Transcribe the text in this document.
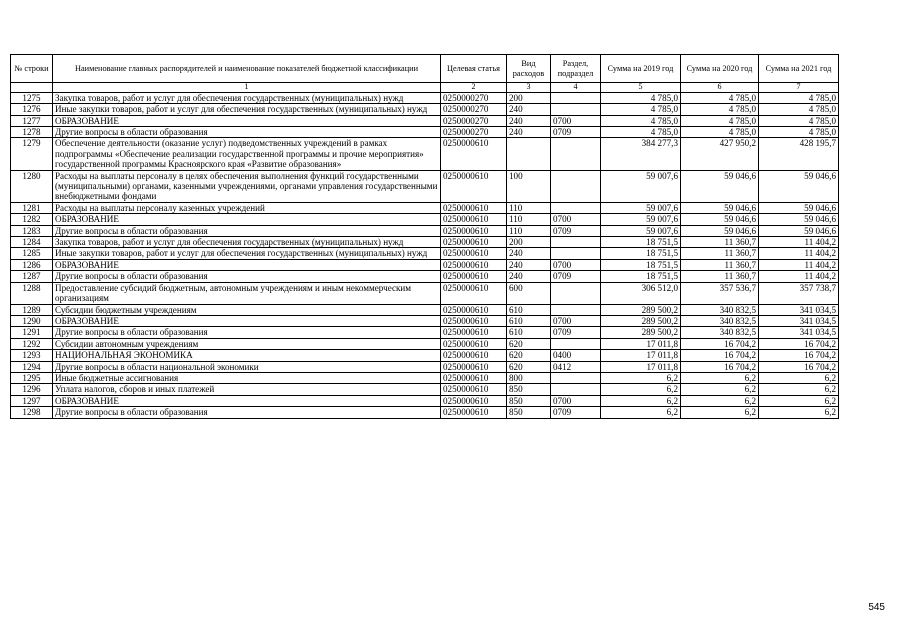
№ строки	Наименование главных распорядителей и наименование показателей бюджетной классификации	Целевая статья	Вид расходов	Раздел, подраздел	Сумма на 2019 год	Сумма на 2020 год	Сумма на 2021 год
	1	2	3	4	5	6	7
1275	Закупка товаров, работ и услуг для обеспечения государственных (муниципальных) нужд	0250000270	200		4 785,0	4 785,0	4 785,0
1276	Иные закупки товаров, работ и услуг для обеспечения государственных (муниципальных) нужд	0250000270	240		4 785,0	4 785,0	4 785,0
1277	ОБРАЗОВАНИЕ	0250000270	240	0700	4 785,0	4 785,0	4 785,0
1278	Другие вопросы в области образования	0250000270	240	0709	4 785,0	4 785,0	4 785,0
1279	Обеспечение деятельности (оказание услуг) подведомственных учреждений в рамках подпрограммы «Обеспечение реализации государственной программы и прочие мероприятия» государственной программы Красноярского края «Развитие образования»	0250000610			384 277,3	427 950,2	428 195,7
1280	Расходы на выплаты персоналу в целях обеспечения выполнения функций государственными (муниципальными) органами, казенными учреждениями, органами управления государственными внебюджетными фондами	0250000610	100		59 007,6	59 046,6	59 046,6
1281	Расходы на выплаты персоналу казенных учреждений	0250000610	110		59 007,6	59 046,6	59 046,6
1282	ОБРАЗОВАНИЕ	0250000610	110	0700	59 007,6	59 046,6	59 046,6
1283	Другие вопросы в области образования	0250000610	110	0709	59 007,6	59 046,6	59 046,6
1284	Закупка товаров, работ и услуг для обеспечения государственных (муниципальных) нужд	0250000610	200		18 751,5	11 360,7	11 404,2
1285	Иные закупки товаров, работ и услуг для обеспечения государственных (муниципальных) нужд	0250000610	240		18 751,5	11 360,7	11 404,2
1286	ОБРАЗОВАНИЕ	0250000610	240	0700	18 751,5	11 360,7	11 404,2
1287	Другие вопросы в области образования	0250000610	240	0709	18 751,5	11 360,7	11 404,2
1288	Предоставление субсидий бюджетным, автономным учреждениям и иным некоммерческим организациям	0250000610	600		306 512,0	357 536,7	357 738,7
1289	Субсидии бюджетным учреждениям	0250000610	610		289 500,2	340 832,5	341 034,5
1290	ОБРАЗОВАНИЕ	0250000610	610	0700	289 500,2	340 832,5	341 034,5
1291	Другие вопросы в области образования	0250000610	610	0709	289 500,2	340 832,5	341 034,5
1292	Субсидии автономным учреждениям	0250000610	620		17 011,8	16 704,2	16 704,2
1293	НАЦИОНАЛЬНАЯ ЭКОНОМИКА	0250000610	620	0400	17 011,8	16 704,2	16 704,2
1294	Другие вопросы в области национальной экономики	0250000610	620	0412	17 011,8	16 704,2	16 704,2
1295	Иные бюджетные ассигнования	0250000610	800		6,2	6,2	6,2
1296	Уплата налогов, сборов и иных платежей	0250000610	850		6,2	6,2	6,2
1297	ОБРАЗОВАНИЕ	0250000610	850	0700	6,2	6,2	6,2
1298	Другие вопросы в области образования	0250000610	850	0709	6,2	6,2	6,2
545
